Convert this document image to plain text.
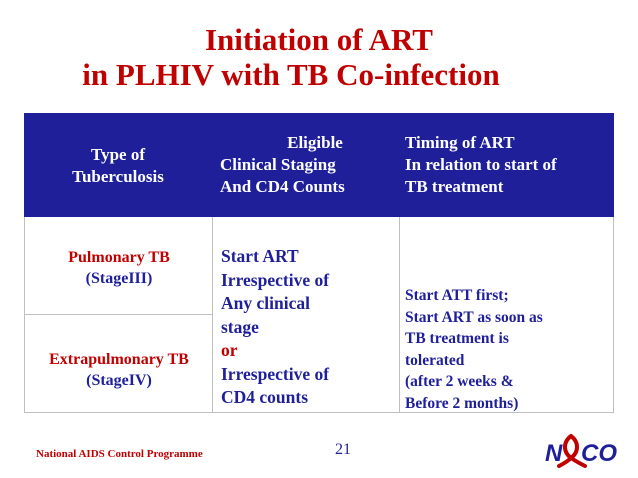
Initiation of ART
in PLHIV with TB Co-infection
Type of
Tuberculosis
Eligible
Clinical Staging
And CD4 Counts
Timing of ART
In relation to start of
TB treatment
Pulmonary TB
(StageIII)
Extrapulmonary TB
(StageIV)
Start ART
Irrespective of
Any clinical
stage
or
Irrespective of
CD4 counts
Start ATT first;
Start ART as soon as
TB treatment is
tolerated
(after 2 weeks &
Before 2 months)
National AIDS Control Programme	21	N CO
